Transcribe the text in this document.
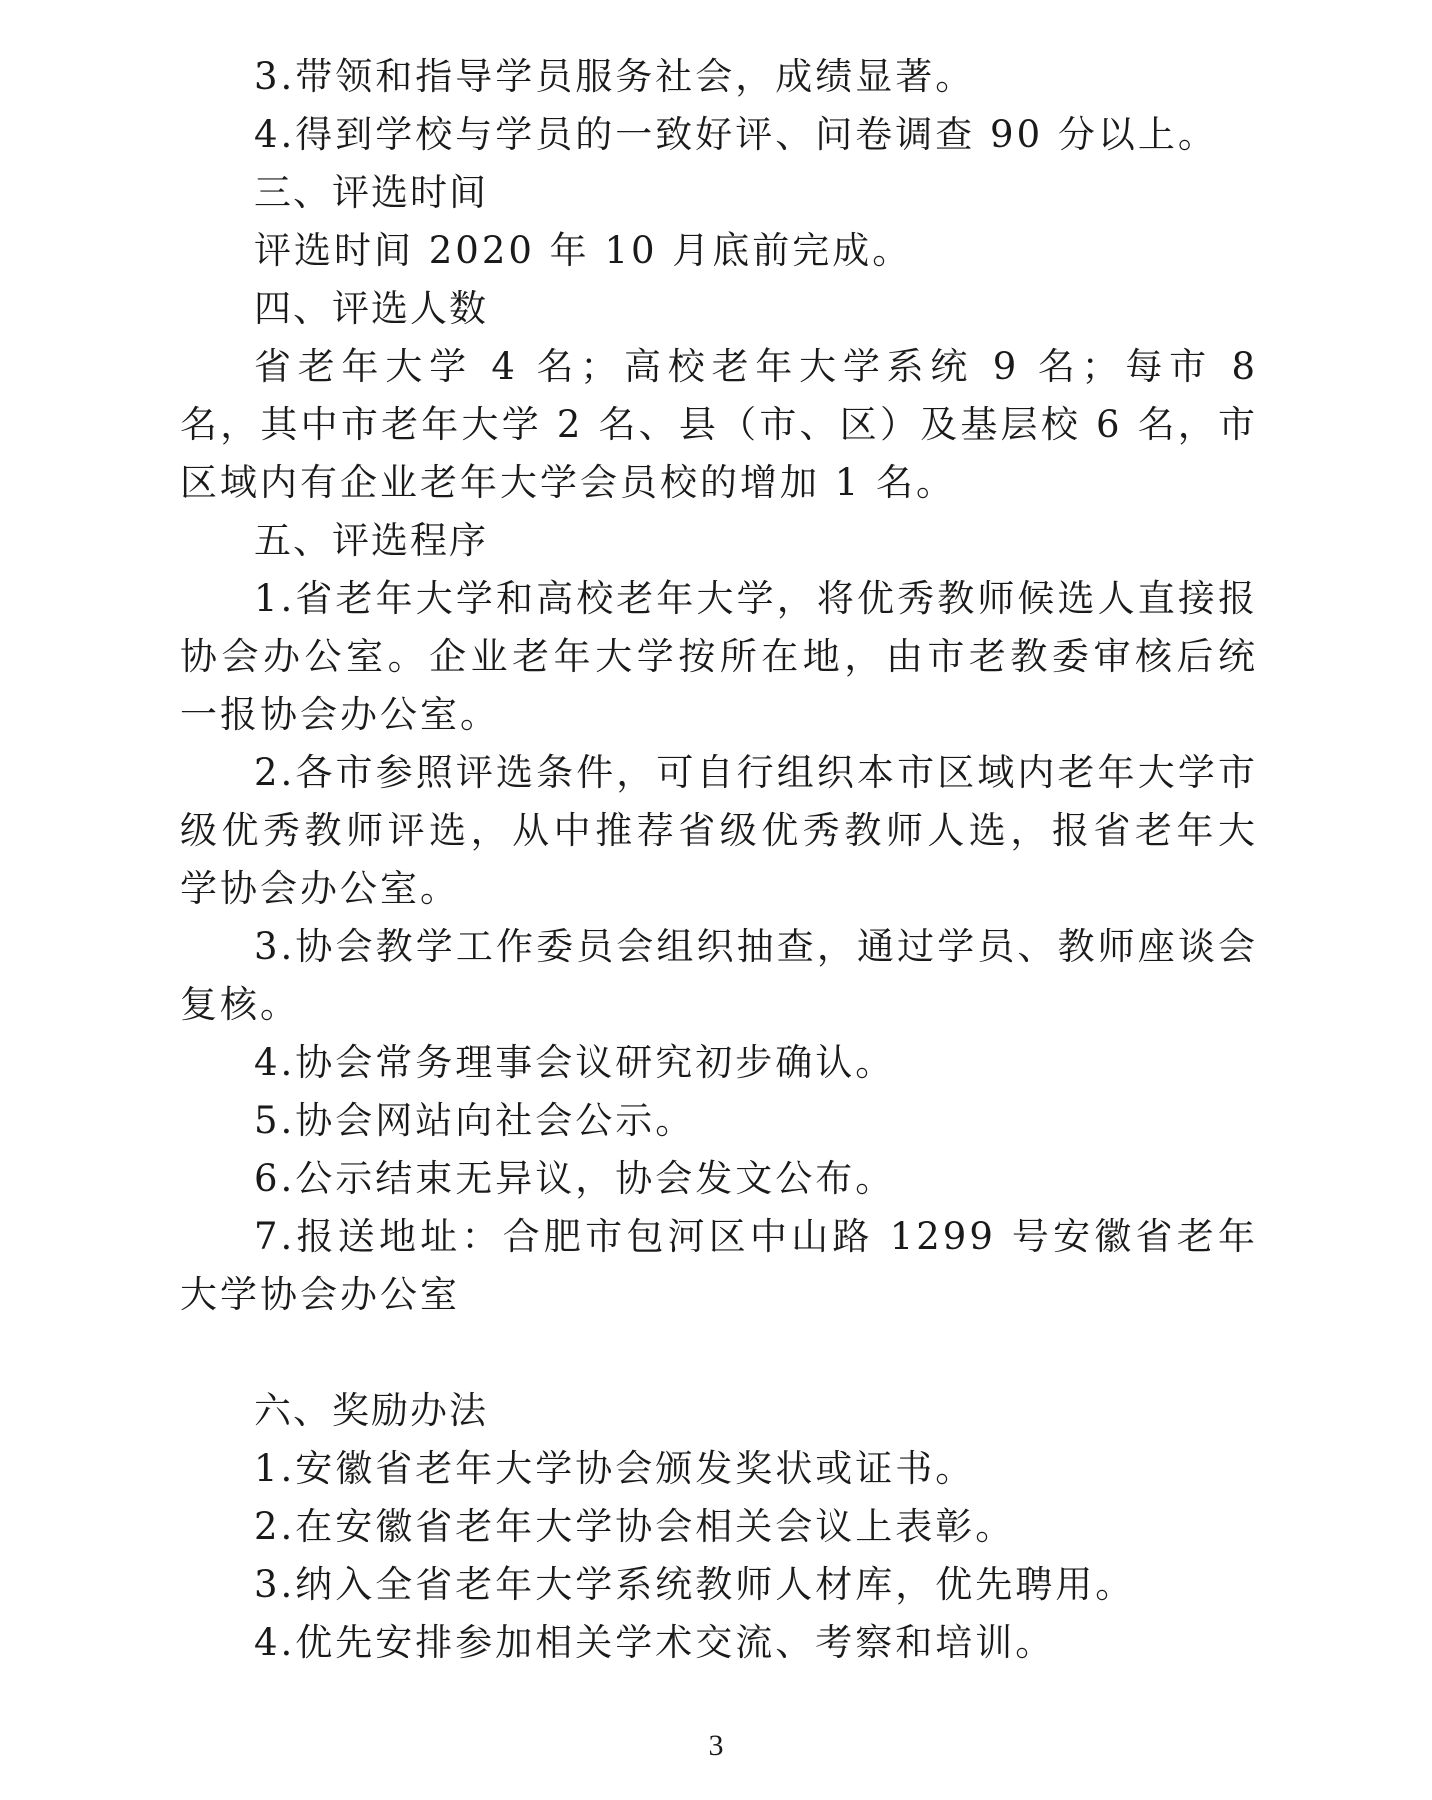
3.带领和指导学员服务社会，成绩显著。

4.得到学校与学员的一致好评、问卷调查 90 分以上。

三、评选时间

评选时间 2020 年 10 月底前完成。

四、评选人数

省老年大学 4 名；高校老年大学系统 9 名；每市 8 名，其中市老年大学 2 名、县（市、区）及基层校 6 名，市区域内有企业老年大学会员校的增加 1 名。

五、评选程序

1.省老年大学和高校老年大学，将优秀教师候选人直接报协会办公室。企业老年大学按所在地，由市老教委审核后统一报协会办公室。

2.各市参照评选条件，可自行组织本市区域内老年大学市级优秀教师评选，从中推荐省级优秀教师人选，报省老年大学协会办公室。

3.协会教学工作委员会组织抽查，通过学员、教师座谈会复核。

4.协会常务理事会议研究初步确认。

5.协会网站向社会公示。

6.公示结束无异议，协会发文公布。

7.报送地址：合肥市包河区中山路 1299 号安徽省老年大学协会办公室

六、奖励办法

1.安徽省老年大学协会颁发奖状或证书。

2.在安徽省老年大学协会相关会议上表彰。

3.纳入全省老年大学系统教师人材库，优先聘用。

4.优先安排参加相关学术交流、考察和培训。

3
